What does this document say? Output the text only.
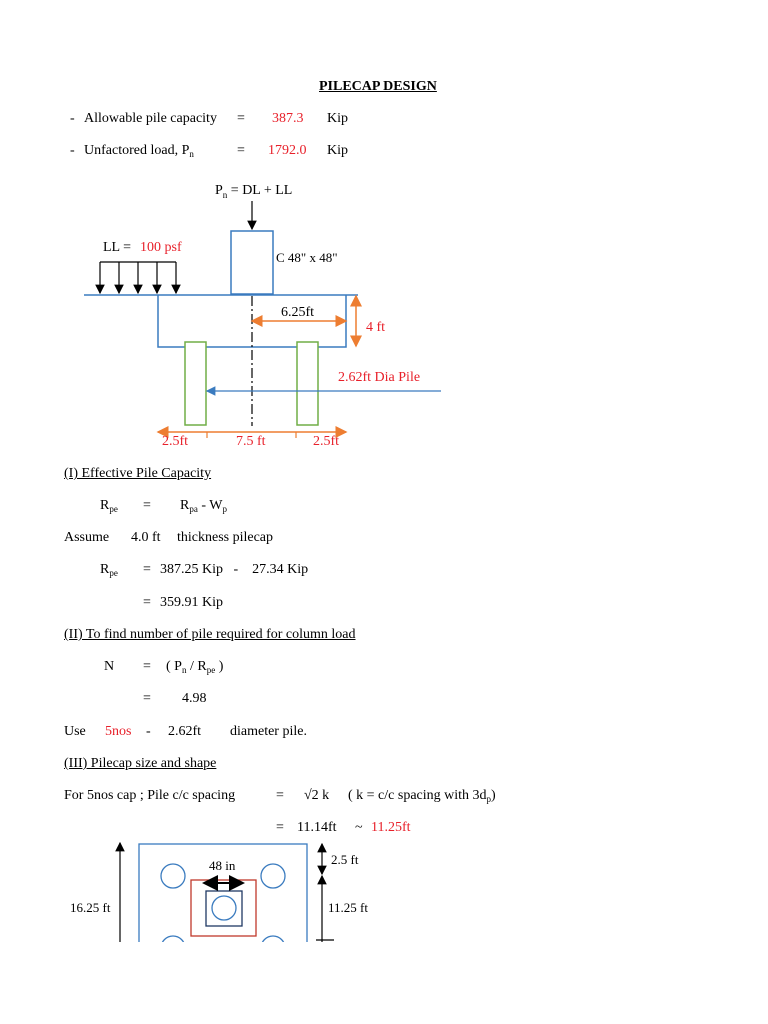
PILECAP DESIGN
- Allowable pile capacity = 387.3 Kip
- Unfactored load, $P_n$	= 1792.0 Kip
$P_n$ = DL + LL
LL = 100 psf
C 48" x 48"
6.25ft
4 ft
2.62ft Dia Pile
2.5ft	7.5 ft	2.5ft
(I) Effective Pile Capacity
$R_{pe} = R_{pa} - W_p$
Assume 4.0 ft thickness pilecap
$R_{pe} = 387.25$ Kip   -    27.34 Kip
= 359.91 Kip
(II) To find number of pile required for column load
N = ( $P_n / R_{pe}$ )
= 4.98
Use 5nos - 2.62ft diameter pile.
(III) Pilecap size and shape
For 5nos cap ; Pile c/c spacing	= √2 k ( k = c/c spacing with $3d_p$)
= 11.14ft ~ 11.25ft
48 in
16.25 ft
2.5 ft
11.25 ft
